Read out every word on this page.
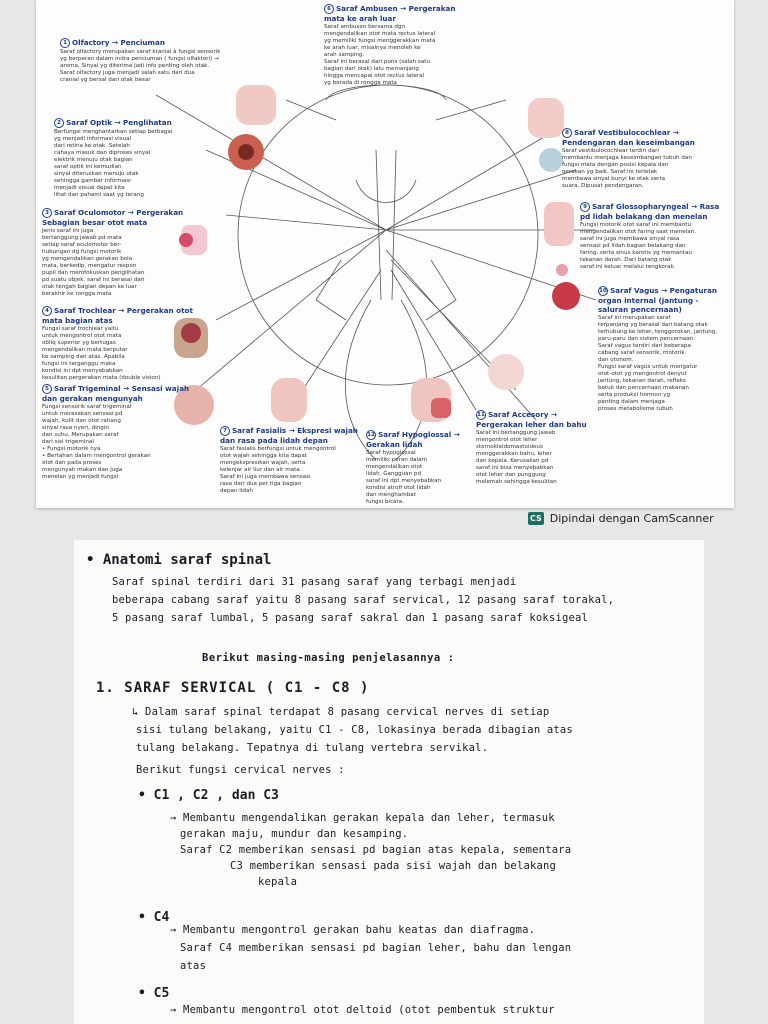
1 Olfactory → Penciuman
Saraf olfactory merupakan saraf kranial à fungsi sensorik
yg berperan dalam indra penciuman ( fungsi olfaktori) →
aroma. Sinyal yg diterima jadi info penting oleh otak.
Saraf olfactory juga menjadi salah satu dari dua
cranial yg bersal dari otak besar
2 Saraf Optik → Penglihatan
Berfungsi menghantarkan setiap berbagai
yg menjadi informasi visual
dari retina ke otak. Setelah
cahaya masuk dan diproses sinyal
elektrik menuju otak bagian
saraf optik ini kemudian
sinyal diteruskan menuju otak
sehingga gambar informasi
menjadi visual dapat kita
lihat dan pahami saat yg terang
3 Saraf Oculomotor → Pergerakan Sebagian besar otot mata
Jenis saraf ini juga
bertanggung jawab pd mata
setiap saraf oculomotor ber-
hubungan dg fungsi motorik
yg mengendalikan gerakan bola
mata, berkedip, mengatur respon
pupil dan memfokuskan penglihatan
pd suatu objek. saraf ini berasal dari
otak tengah bagian depan ke luar
berakhir ke rongga mata
4 Saraf Trochlear → Pergerakan otot mata bagian atas
Fungsi saraf trochlear yaitu
untuk mengontrol otot mata
obliq superior yg bertugas
mengendalikan mata berputar
ke samping dan atas. Apabila
fungsi ini terganggu maka
kondisi ini dpt menyebabkan
kesulitan pergerakan mata (double vision)
5 Saraf Trigeminal → Sensasi wajah dan gerakan mengunyah
Fungsi sensorik saraf trigeminal
untuk merasakan sensasi pd
wajah, kulit dan otot rahang
sinyal rasa nyeri, dingin
dan suhu. Merupakan saraf
dari sisi trigeminal
• Fungsi motorik nya
• Bertahan dalam mengontrol gerakan
otot dan pada proses
mengunyah makan dan juga
menelan yg menjadi fungsi
6 Saraf Ambusen → Pergerakan mata ke arah luar
Saraf ambusen bersama dgn
mengendalikan otot mata rectus lateral
yg memiliki fungsi menggerakkan mata
ke arah luar, misalnya menoleh ke
arah samping.
Saraf ini berasal dari pons (salah satu
bagian dari otak) lalu memanjang
hingga mencapai otot rectus lateral
yg berada di rongga mata
8 Saraf Vestibulocochlear → Pendengaran dan keseimbangan
Saraf vestibulocochlear terdiri dari
membantu menjaga keseimbangan tubuh dan
fungsi mata dengan posisi kepala dan
gerakan yg baik. Saraf ini terletak
membawa sinyal bunyi ke otak serta
suara. Dipusat pendengaran.
9 Saraf Glossopharyngeal → Rasa pd lidah belakang dan menelan
Fungsi motorik otot saraf ini membantu
mengendalikan otot faring saat menelan.
saraf ini juga membawa sinyal rasa
sensasi pd lidah bagian belakang dan
faring, serta sinus karotis yg memantau
tekanan darah. Dari batang otak
saraf ini keluar melalui tengkorak.
10 Saraf Vagus → Pengaturan organ internal (jantung - saluran pencernaan)
Saraf ini merupakan saraf
terpanjang yg berasal dari batang otak
terhubung ke leher, tenggorokan, jantung,
paru-paru dan sistem pencernaan.
Saraf vagus terdiri dari beberapa
cabang saraf sensorik, motorik
dan otonom.
Fungsi saraf vagus untuk mengatur
otot-otot yg mengontrol denyut
jantung, tekanan darah, refleks
batuk dan pencernaan makanan
serta produksi hormon yg
penting dalam menjaga
proses metabolisme tubuh
7 Saraf Fasialis → Ekspresi wajah dan rasa pada lidah depan
Saraf fasialis berfungsi untuk mengontrol
otot wajah sehingga kita dapat
mengekspresikan wajah, serta
kelenjar air liur dan air mata.
Saraf ini juga membawa sensasi
rasa dari dua per tiga bagian
depan lidah
12 Saraf Hypoglossal → Gerakan lidah
Saraf hypoglossal
memiliki peran dalam
mengendalikan otot
lidah. Gangguan pd
saraf ini dpt menyebabkan
kondisi atrofi otot lidah
dan menghambat
fungsi bicara.
11 Saraf Accesory → Pergerakan leher dan bahu
Saraf ini bertanggung jawab
mengontrol otot leher
sternokleidomastoideus
menggerakkan bahu, leher
dan kepala. Kerusakan pd
saraf ini bisa menyebabkan
otot leher dan punggung
melemah sehingga kesulitan
CS Dipindai dengan CamScanner
• Anatomi saraf spinal
Saraf spinal terdiri dari 31 pasang saraf yang terbagi menjadi
beberapa cabang saraf yaitu 8 pasang saraf servical, 12 pasang saraf torakal,
5 pasang saraf lumbal, 5 pasang saraf sakral dan 1 pasang saraf koksigeal
Berikut masing-masing penjelasannya :
1. SARAF SERVICAL ( C1 - C8 )
↳ Dalam saraf spinal terdapat 8 pasang cervical nerves di setiap
sisi tulang belakang, yaitu C1 - C8, lokasinya berada dibagian atas
tulang belakang. Tepatnya di tulang vertebra servikal.
Berikut fungsi cervical nerves :
• C1 , C2 , dan C3
→ Membantu mengendalikan gerakan kepala dan leher, termasuk
gerakan maju, mundur dan kesamping.
Saraf C2 memberikan sensasi pd bagian atas kepala, sementara
C3 memberikan sensasi pada sisi wajah dan belakang
kepala
• C4
→ Membantu mengontrol gerakan bahu keatas dan diafragma.
Saraf C4 memberikan sensasi pd bagian leher, bahu dan lengan
atas
• C5
→ Membantu mengontrol otot deltoid (otot pembentuk struktur
